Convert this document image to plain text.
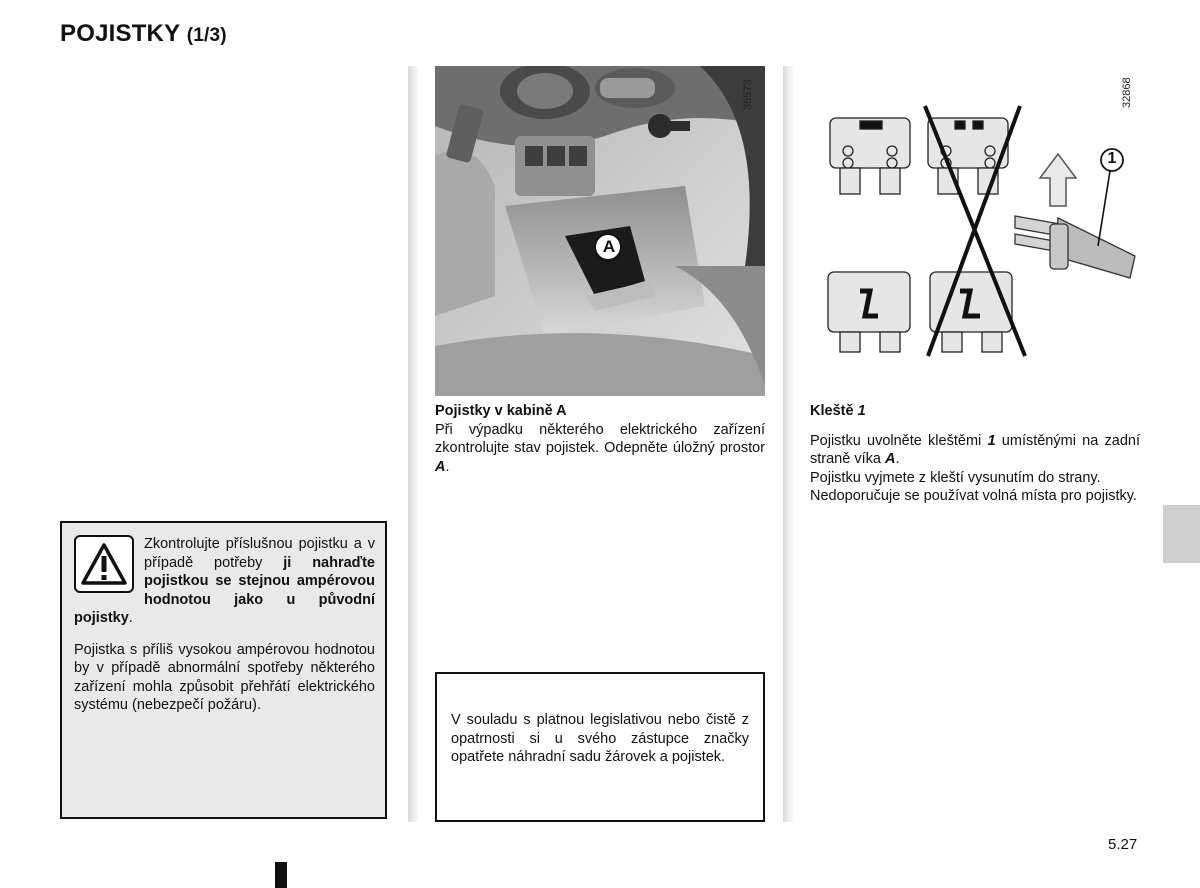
POJISTKY (1/3)

Zkontrolujte příslušnou pojistku a v případě potřeby ji nahraďte pojistkou se stejnou ampérovou hodnotou jako u původní pojistky.

Pojistka s příliš vysokou ampérovou hodnotou by v případě abnormální spotřeby některého zařízení mohla způsobit přehřátí elektrického systému (nebezpečí požáru).

A
36573
Pojistky v kabině A
Při výpadku některého elektrického zařízení zkontrolujte stav pojistek. Odepněte úložný prostor A.
V souladu s platnou legislativou nebo čistě z opatrnosti si u svého zástupce značky opatřete náhradní sadu žárovek a pojistek.
1
32868
Kleště 1
Pojistku uvolněte kleštěmi 1 umístěnými na zadní straně víka A.
Pojistku vyjmete z kleští vysunutím do strany.
Nedoporučuje se používat volná místa pro pojistky.
5.27
